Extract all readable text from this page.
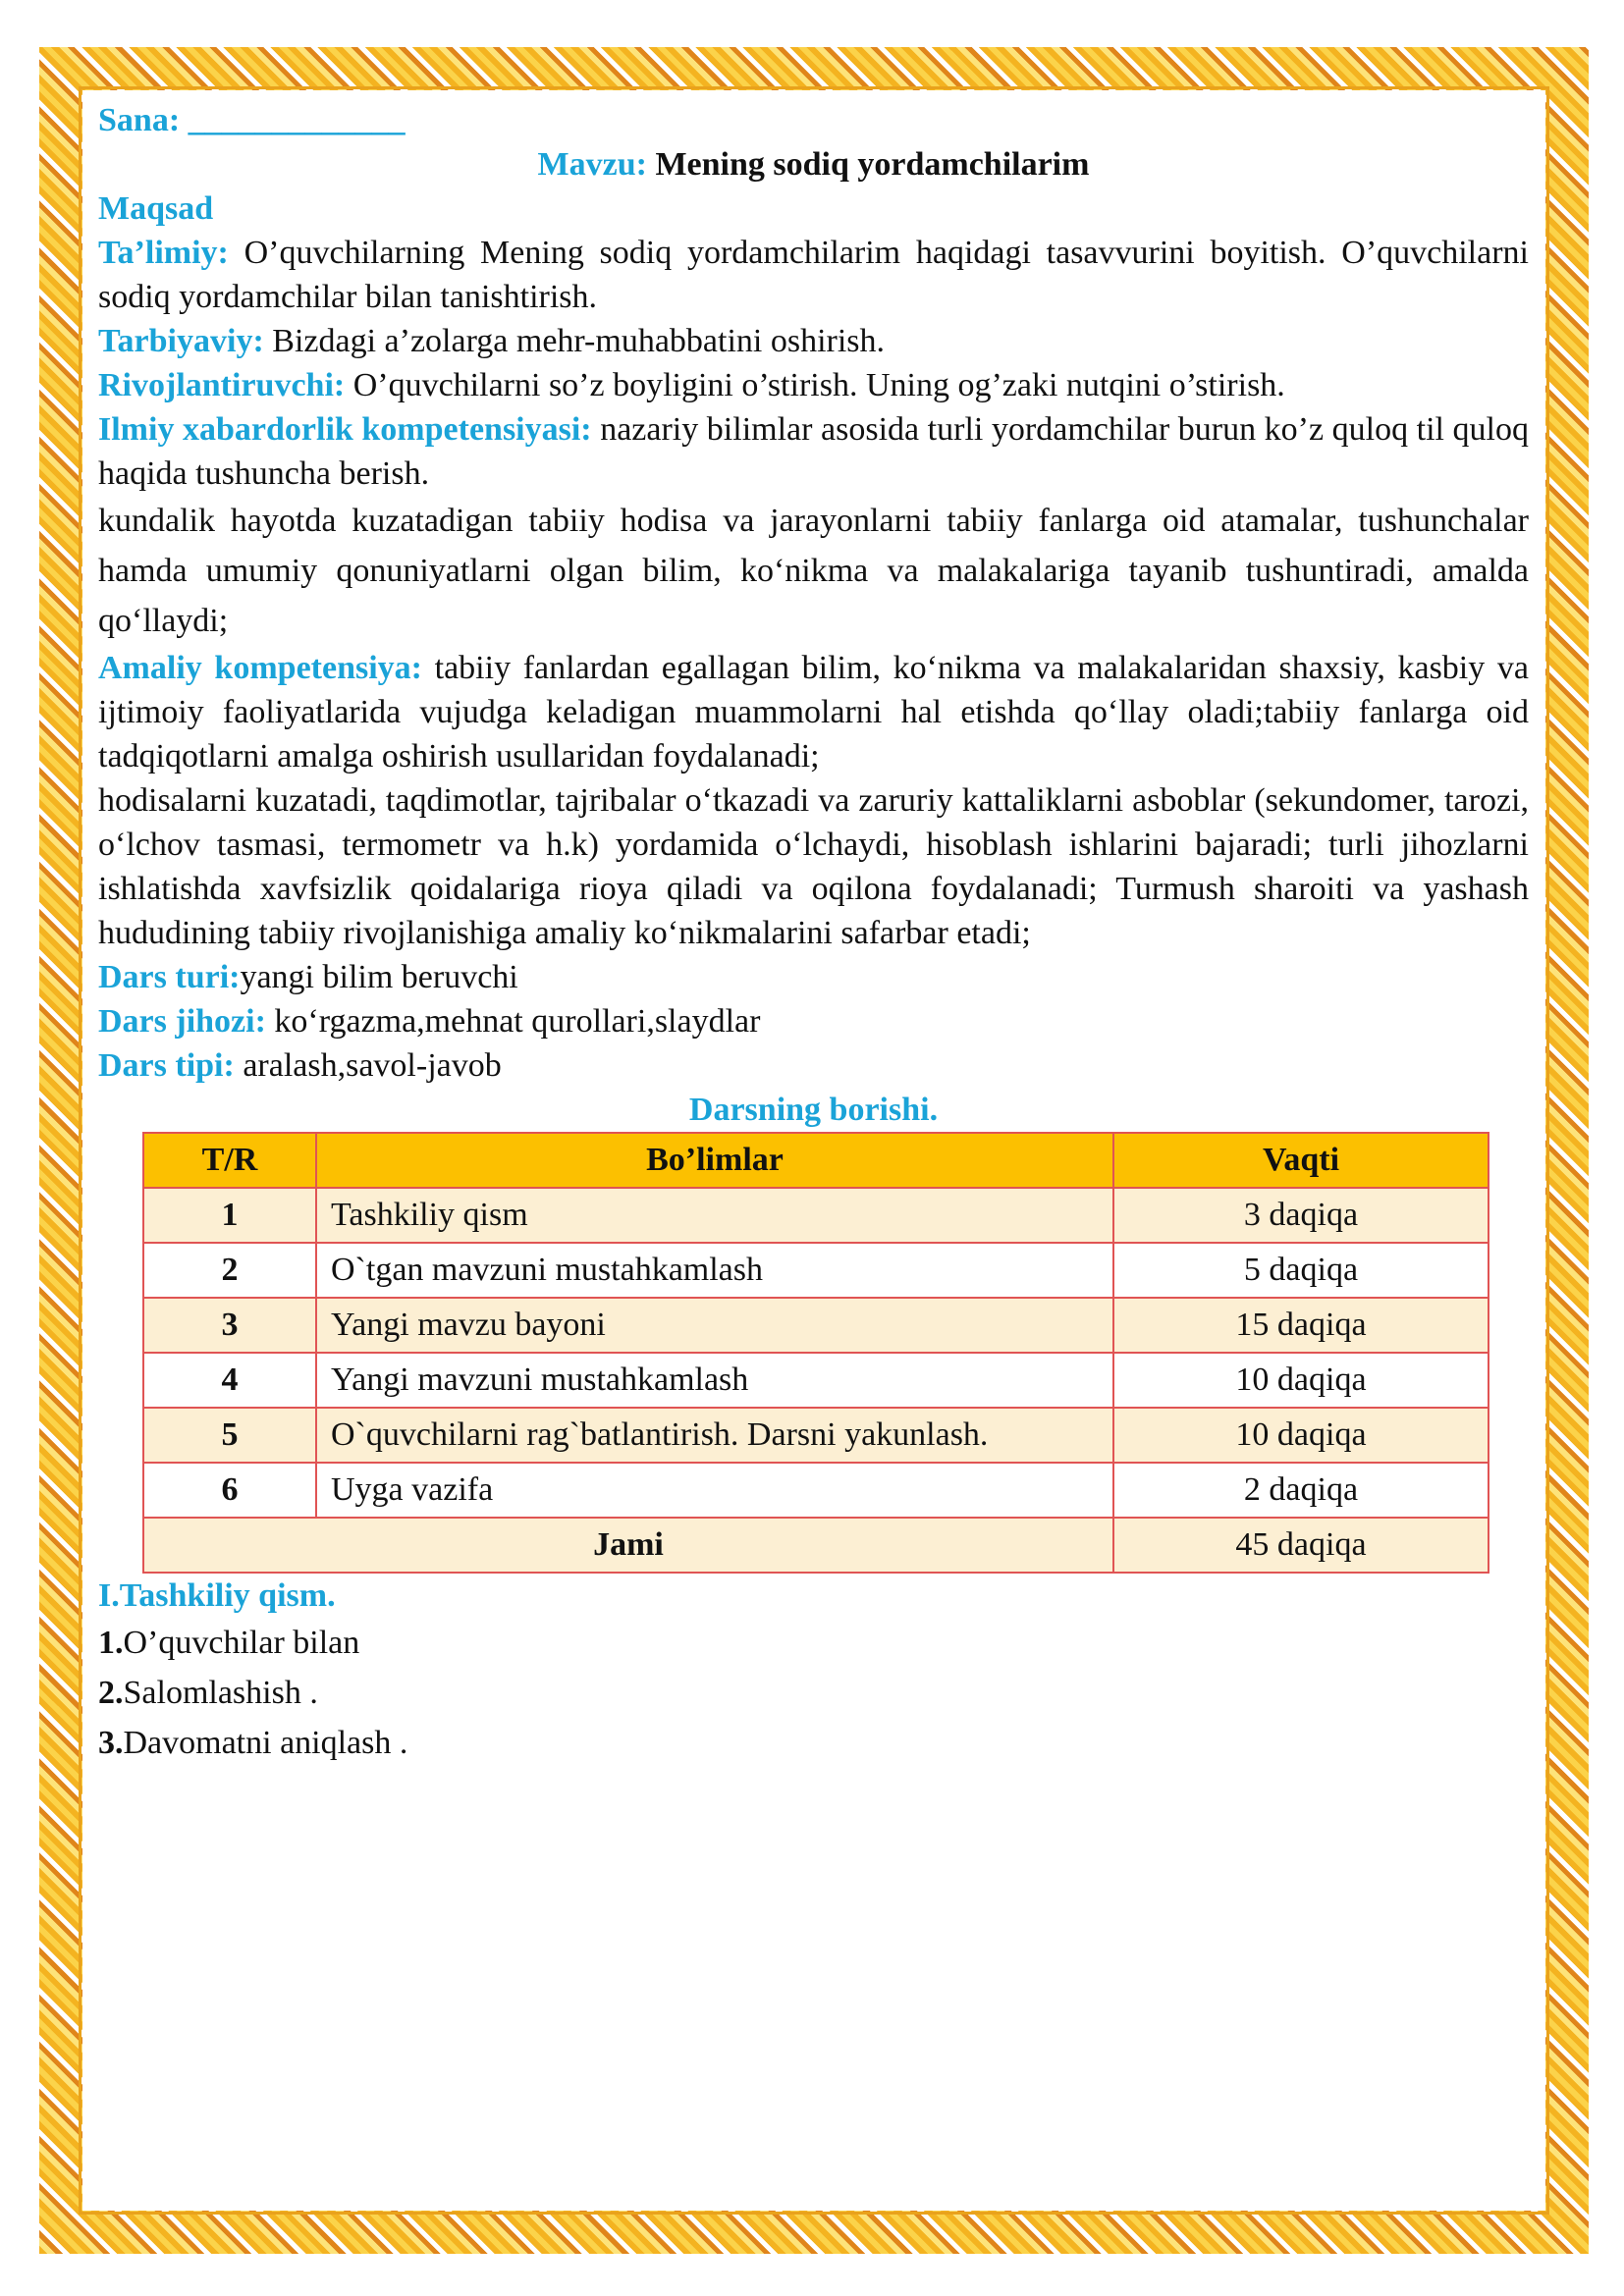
Sana: _____________

Mavzu: Mening sodiq yordamchilarim

Maqsad

Ta’limiy: O’quvchilarning Mening sodiq yordamchilarim haqidagi tasavvurini boyitish. O’quvchilarni sodiq yordamchilar bilan tanishtirish.

Tarbiyaviy: Bizdagi a’zolarga mehr-muhabbatini oshirish.

Rivojlantiruvchi: O’quvchilarni so’z boyligini o’stirish. Uning og’zaki nutqini o’stirish.

Ilmiy xabardorlik kompetensiyasi: nazariy bilimlar asosida turli yordamchilar burun ko’z quloq til quloq haqida tushuncha berish.

kundalik hayotda kuzatadigan tabiiy hodisa va jarayonlarni tabiiy fanlarga oid atamalar, tushunchalar hamda umumiy qonuniyatlarni olgan bilim, ko‘nikma va malakalariga tayanib tushuntiradi, amalda qo‘llaydi;

Amaliy kompetensiya: tabiiy fanlardan egallagan bilim, ko‘nikma va malakalaridan shaxsiy, kasbiy va ijtimoiy faoliyatlarida vujudga keladigan muammolarni hal etishda qo‘llay oladi;tabiiy fanlarga oid tadqiqotlarni amalga oshirish usullaridan foydalanadi;

hodisalarni kuzatadi, taqdimotlar, tajribalar o‘tkazadi va zaruriy kattaliklarni asboblar (sekundomer, tarozi, o‘lchov tasmasi, termometr va h.k) yordamida o‘lchaydi, hisoblash ishlarini bajaradi; turli jihozlarni ishlatishda xavfsizlik qoidalariga rioya qiladi va oqilona foydalanadi; Turmush sharoiti va yashash hududining tabiiy rivojlanishiga amaliy ko‘nikmalarini safarbar etadi;

Dars turi:yangi bilim beruvchi

Dars jihozi: ko‘rgazma,mehnat qurollari,slaydlar

Dars tipi: aralash,savol-javob

Darsning borishi.

T/R	Bo’limlar	Vaqti
1	Tashkiliy qism	3 daqiqa
2	O`tgan mavzuni mustahkamlash	5 daqiqa
3	Yangi mavzu bayoni	15 daqiqa
4	Yangi mavzuni mustahkamlash	10 daqiqa
5	O`quvchilarni rag`batlantirish. Darsni yakunlash.	10 daqiqa
6	Uyga vazifa	2 daqiqa
Jami		45 daqiqa

I.Tashkiliy qism.

1.O’quvchilar bilan

2.Salomlashish .

3.Davomatni aniqlash .
